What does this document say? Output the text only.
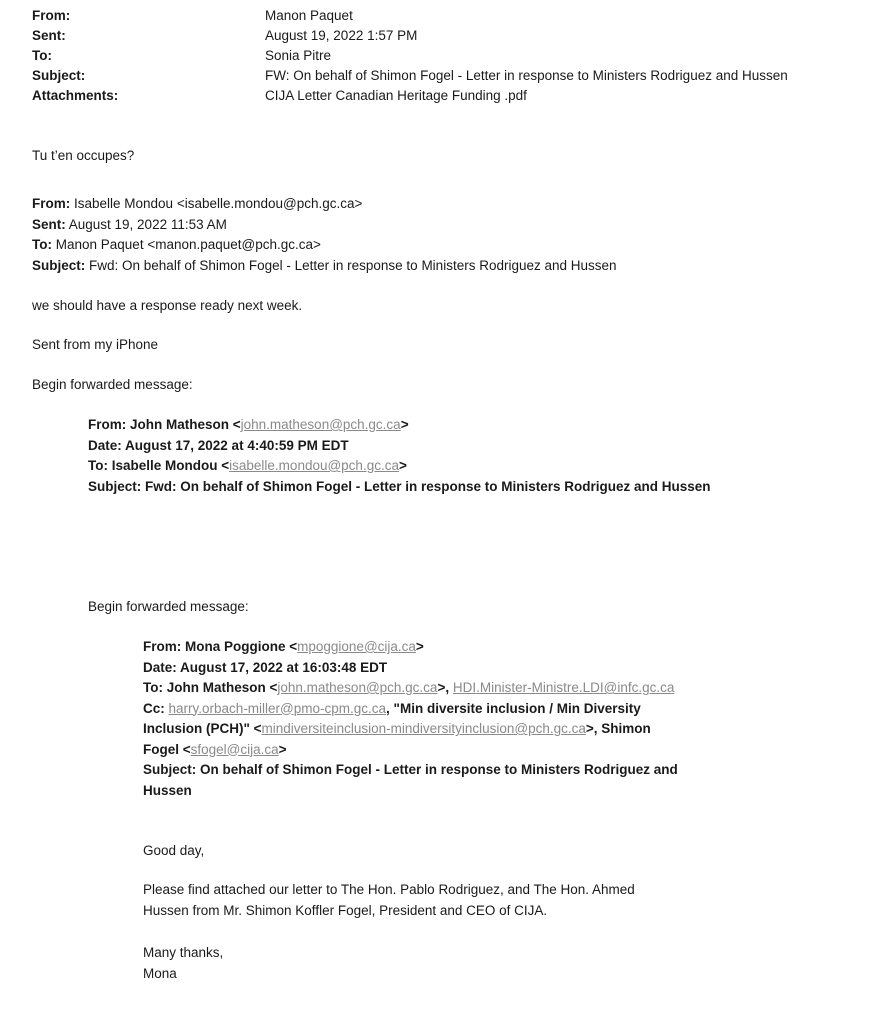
From:	Manon Paquet
Sent:	August 19, 2022 1:57 PM
To:	Sonia Pitre
Subject:	FW: On behalf of Shimon Fogel - Letter in response to Ministers Rodriguez and Hussen
Attachments:	CIJA Letter Canadian Heritage Funding .pdf
Tu t’en occupes?
From: Isabelle Mondou <isabelle.mondou@pch.gc.ca>
Sent: August 19, 2022 11:53 AM
To: Manon Paquet <manon.paquet@pch.gc.ca>
Subject: Fwd: On behalf of Shimon Fogel - Letter in response to Ministers Rodriguez and Hussen
we should have a response ready next week.
Sent from my iPhone
Begin forwarded message:
From: John Matheson <john.matheson@pch.gc.ca>
Date: August 17, 2022 at 4:40:59 PM EDT
To: Isabelle Mondou <isabelle.mondou@pch.gc.ca>
Subject: Fwd: On behalf of Shimon Fogel - Letter in response to Ministers Rodriguez and Hussen
Begin forwarded message:
From: Mona Poggione <mpoggione@cija.ca>
Date: August 17, 2022 at 16:03:48 EDT
To: John Matheson <john.matheson@pch.gc.ca>, HDI.Minister-Ministre.LDI@infc.gc.ca
Cc: harry.orbach-miller@pmo-cpm.gc.ca, "Min diversite inclusion / Min Diversity
Inclusion (PCH)" <mindiversiteinclusion-mindiversityinclusion@pch.gc.ca>, Shimon
Fogel <sfogel@cija.ca>
Subject: On behalf of Shimon Fogel - Letter in response to Ministers Rodriguez and
Hussen
Good day,
Please find attached our letter to The Hon. Pablo Rodriguez, and The Hon. Ahmed
Hussen from Mr. Shimon Koffler Fogel, President and CEO of CIJA.
Many thanks,
Mona
